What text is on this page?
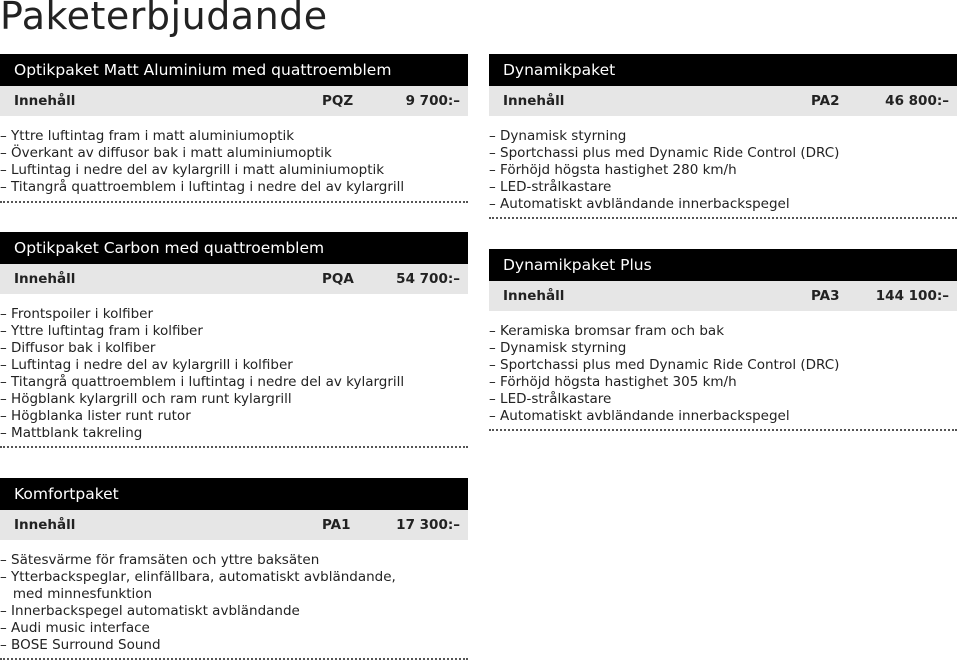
Paketerbjudande
Optikpaket Matt Aluminium med quattroemblem
Innehåll	PQZ	9 700:–
– Yttre luftintag fram i matt aluminiumoptik
– Överkant av diffusor bak i matt aluminiumoptik
– Luftintag i nedre del av kylargrill i matt aluminiumoptik
– Titangrå quattroemblem i luftintag i nedre del av kylargrill
Dynamikpaket
Innehåll	PA2	46 800:–
– Dynamisk styrning
– Sportchassi plus med Dynamic Ride Control (DRC)
– Förhöjd högsta hastighet 280 km/h
– LED-strålkastare
– Automatiskt avbländande innerbackspegel
Optikpaket Carbon med quattroemblem
Innehåll	PQA	54 700:–
– Frontspoiler i kolfiber
– Yttre luftintag fram i kolfiber
– Diffusor bak i kolfiber
– Luftintag i nedre del av kylargrill i kolfiber
– Titangrå quattroemblem i luftintag i nedre del av kylargrill
– Högblank kylargrill och ram runt kylargrill
– Högblanka lister runt rutor
– Mattblank takreling
Dynamikpaket Plus
Innehåll	PA3	144 100:–
– Keramiska bromsar fram och bak
– Dynamisk styrning
– Sportchassi plus med Dynamic Ride Control (DRC)
– Förhöjd högsta hastighet 305 km/h
– LED-strålkastare
– Automatiskt avbländande innerbackspegel
Komfortpaket
Innehåll	PA1	17 300:–
– Sätesvärme för framsäten och yttre baksäten
– Ytterbackspeglar, elinfällbara, automatiskt avbländande,
med minnesfunktion
– Innerbackspegel automatiskt avbländande
– Audi music interface
– BOSE Surround Sound
